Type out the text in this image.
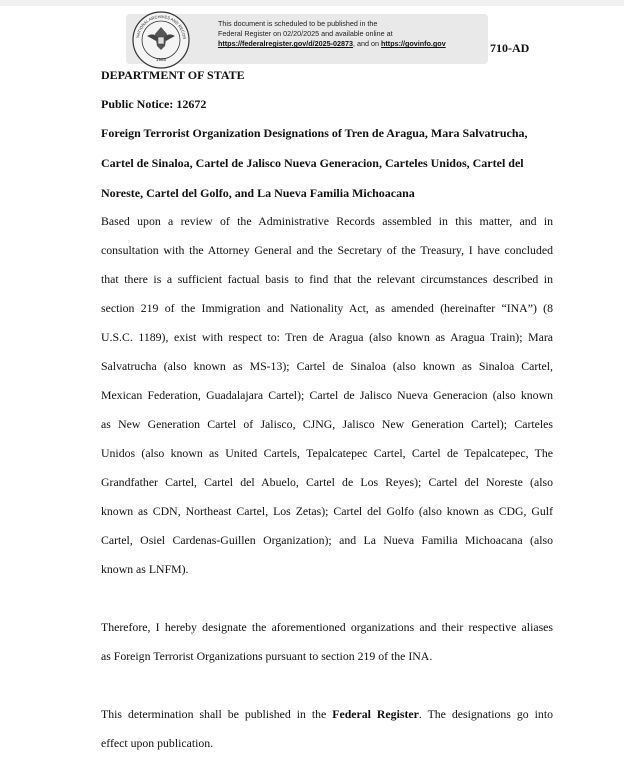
NATIONAL ARCHIVES AND RECOR
1985
This document is scheduled to be published in the
Federal Register on 02/20/2025 and available online at
https://federalregister.gov/d/2025-02873, and on https://govinfo.gov	710-AD
DEPARTMENT OF STATE
Public Notice: 12672
Foreign Terrorist Organization Designations of Tren de Aragua, Mara Salvatrucha,
Cartel de Sinaloa, Cartel de Jalisco Nueva Generacion, Carteles Unidos, Cartel del
Noreste, Cartel del Golfo, and La Nueva Familia Michoacana
Based upon a review of the Administrative Records assembled in this matter, and in
consultation with the Attorney General and the Secretary of the Treasury, I have concluded
that there is a sufficient factual basis to find that the relevant circumstances described in
section 219 of the Immigration and Nationality Act, as amended (hereinafter “INA”) (8
U.S.C. 1189), exist with respect to: Tren de Aragua (also known as Aragua Train); Mara
Salvatrucha (also known as MS-13); Cartel de Sinaloa (also known as Sinaloa Cartel,
Mexican Federation, Guadalajara Cartel); Cartel de Jalisco Nueva Generacion (also known
as New Generation Cartel of Jalisco, CJNG, Jalisco New Generation Cartel); Carteles
Unidos (also known as United Cartels, Tepalcatepec Cartel, Cartel de Tepalcatepec, The
Grandfather Cartel, Cartel del Abuelo, Cartel de Los Reyes); Cartel del Noreste (also
known as CDN, Northeast Cartel, Los Zetas); Cartel del Golfo (also known as CDG, Gulf
Cartel, Osiel Cardenas-Guillen Organization); and La Nueva Familia Michoacana (also
known as LNFM).
Therefore, I hereby designate the aforementioned organizations and their respective aliases
as Foreign Terrorist Organizations pursuant to section 219 of the INA.
This determination shall be published in the Federal Register. The designations go into
effect upon publication.
